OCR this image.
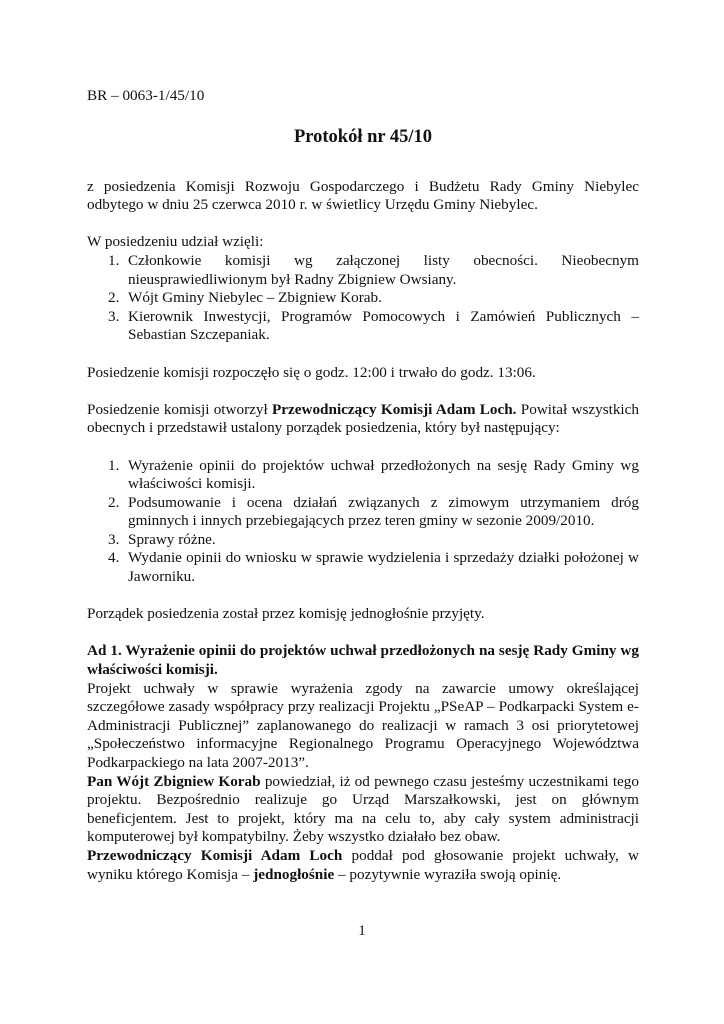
BR – 0063-1/45/10

Protokół nr 45/10

z posiedzenia Komisji Rozwoju Gospodarczego i Budżetu Rady Gminy Niebylec odbytego w dniu 25 czerwca 2010 r. w świetlicy Urzędu Gminy Niebylec.

W posiedzeniu udział wzięli:

1. Członkowie komisji wg załączonej listy obecności. Nieobecnym nieusprawiedliwionym był Radny Zbigniew Owsiany.
2. Wójt Gminy Niebylec – Zbigniew Korab.
3. Kierownik Inwestycji, Programów Pomocowych i Zamówień Publicznych – Sebastian Szczepaniak.

Posiedzenie komisji rozpoczęło się o godz. 12:00 i trwało do godz. 13:06.

Posiedzenie komisji otworzył Przewodniczący Komisji Adam Loch. Powitał wszystkich obecnych i przedstawił ustalony porządek posiedzenia, który był następujący:

1. Wyrażenie opinii do projektów uchwał przedłożonych na sesję Rady Gminy wg właściwości komisji.
2. Podsumowanie i ocena działań związanych z zimowym utrzymaniem dróg gminnych i innych przebiegających przez teren gminy w sezonie 2009/2010.
3. Sprawy różne.
4. Wydanie opinii do wniosku w sprawie wydzielenia i sprzedaży działki położonej w Jaworniku.

Porządek posiedzenia został przez komisję jednogłośnie przyjęty.

Ad 1. Wyrażenie opinii do projektów uchwał przedłożonych na sesję Rady Gminy wg właściwości komisji.

Projekt uchwały w sprawie wyrażenia zgody na zawarcie umowy określającej szczegółowe zasady współpracy przy realizacji Projektu „PSeAP – Podkarpacki System e-Administracji Publicznej” zaplanowanego do realizacji w ramach 3 osi priorytetowej „Społeczeństwo informacyjne Regionalnego Programu Operacyjnego Województwa Podkarpackiego na lata 2007-2013”.

Pan Wójt Zbigniew Korab powiedział, iż od pewnego czasu jesteśmy uczestnikami tego projektu. Bezpośrednio realizuje go Urząd Marszałkowski, jest on głównym beneficjentem. Jest to projekt, który ma na celu to, aby cały system administracji komputerowej był kompatybilny. Żeby wszystko działało bez obaw.

Przewodniczący Komisji Adam Loch poddał pod głosowanie projekt uchwały, w wyniku którego Komisja – jednogłośnie – pozytywnie wyraziła swoją opinię.

1
